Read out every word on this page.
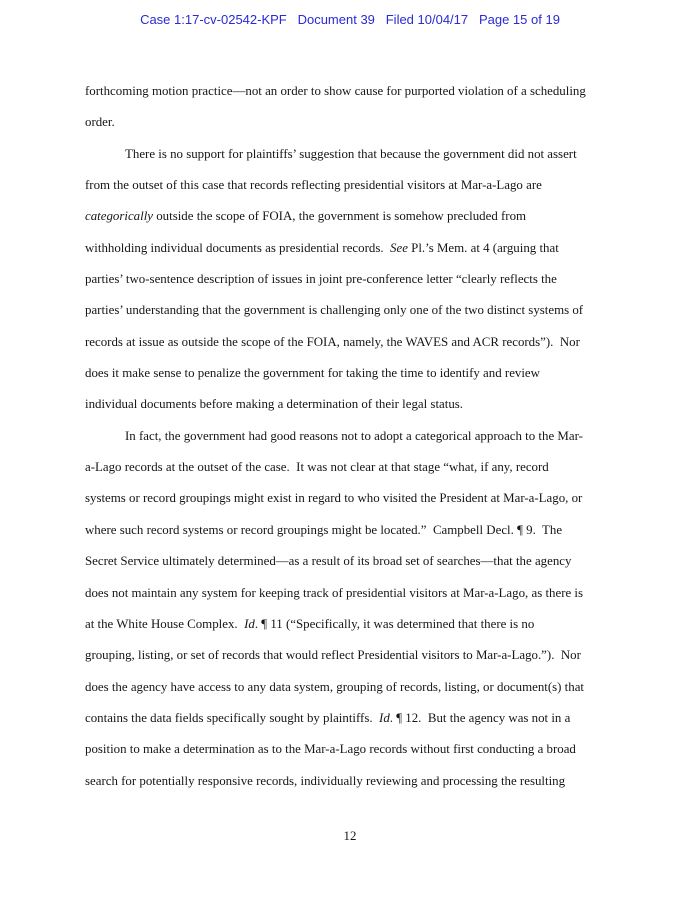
Case 1:17-cv-02542-KPF   Document 39   Filed 10/04/17   Page 15 of 19
forthcoming motion practice—not an order to show cause for purported violation of a scheduling
order.
There is no support for plaintiffs’ suggestion that because the government did not assert
from the outset of this case that records reflecting presidential visitors at Mar-a-Lago are
categorically outside the scope of FOIA, the government is somehow precluded from
withholding individual documents as presidential records.  See Pl.’s Mem. at 4 (arguing that
parties’ two-sentence description of issues in joint pre-conference letter “clearly reflects the
parties’ understanding that the government is challenging only one of the two distinct systems of
records at issue as outside the scope of the FOIA, namely, the WAVES and ACR records”).  Nor
does it make sense to penalize the government for taking the time to identify and review
individual documents before making a determination of their legal status.
In fact, the government had good reasons not to adopt a categorical approach to the Mar-
a-Lago records at the outset of the case.  It was not clear at that stage “what, if any, record
systems or record groupings might exist in regard to who visited the President at Mar-a-Lago, or
where such record systems or record groupings might be located.”  Campbell Decl. ¶ 9.  The
Secret Service ultimately determined—as a result of its broad set of searches—that the agency
does not maintain any system for keeping track of presidential visitors at Mar-a-Lago, as there is
at the White House Complex.  Id. ¶ 11 (“Specifically, it was determined that there is no
grouping, listing, or set of records that would reflect Presidential visitors to Mar-a-Lago.”).  Nor
does the agency have access to any data system, grouping of records, listing, or document(s) that
contains the data fields specifically sought by plaintiffs.  Id. ¶ 12.  But the agency was not in a
position to make a determination as to the Mar-a-Lago records without first conducting a broad
search for potentially responsive records, individually reviewing and processing the resulting
12
